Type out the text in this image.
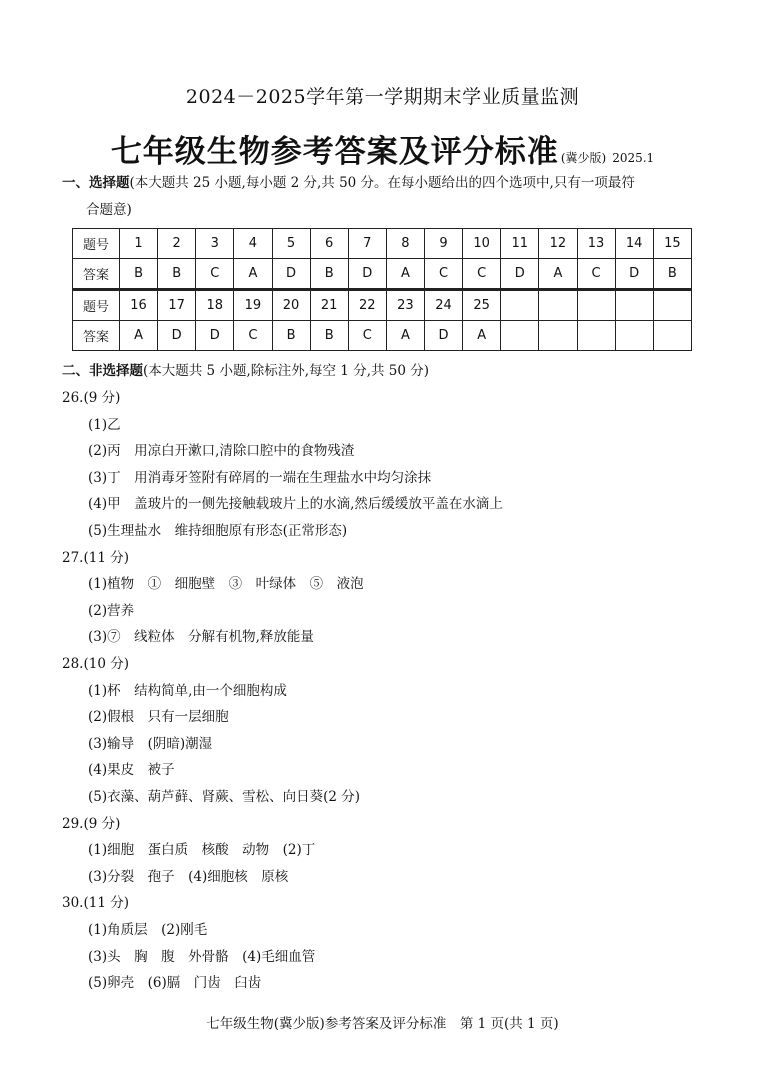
2024－2025学年第一学期期末学业质量监测
七年级生物参考答案及评分标准 (冀少版) 2025.1
一、选择题(本大题共 25 小题,每小题 2 分,共 50 分。在每小题给出的四个选项中,只有一项最符
合题意)
题号	1	2	3	4	5	6	7	8	9	10	11	12	13	14	15
答案	B	B	C	A	D	B	D	A	C	C	D	A	C	D	B

题号	16	17	18	19	20	21	22	23	24	25					
答案	A	D	D	C	B	B	C	A	D	A					
二、非选择题(本大题共 5 小题,除标注外,每空 1 分,共 50 分)
26.(9 分)
(1)乙
(2)丙　用凉白开漱口,清除口腔中的食物残渣
(3)丁　用消毒牙签附有碎屑的一端在生理盐水中均匀涂抹
(4)甲　盖玻片的一侧先接触载玻片上的水滴,然后缓缓放平盖在水滴上
(5)生理盐水　维持细胞原有形态(正常形态)
27.(11 分)
(1)植物　①　细胞壁　③　叶绿体　⑤　液泡
(2)营养
(3)⑦　线粒体　分解有机物,释放能量
28.(10 分)
(1)杯　结构简单,由一个细胞构成
(2)假根　只有一层细胞
(3)输导　(阴暗)潮湿
(4)果皮　被子
(5)衣藻、葫芦藓、肾蕨、雪松、向日葵(2 分)
29.(9 分)
(1)细胞　蛋白质　核酸　动物　(2)丁
(3)分裂　孢子　(4)细胞核　原核
30.(11 分)
(1)角质层　(2)刚毛
(3)头　胸　腹　外骨骼　(4)毛细血管
(5)卵壳　(6)膈　门齿　臼齿
七年级生物(冀少版)参考答案及评分标准　第 1 页(共 1 页)
